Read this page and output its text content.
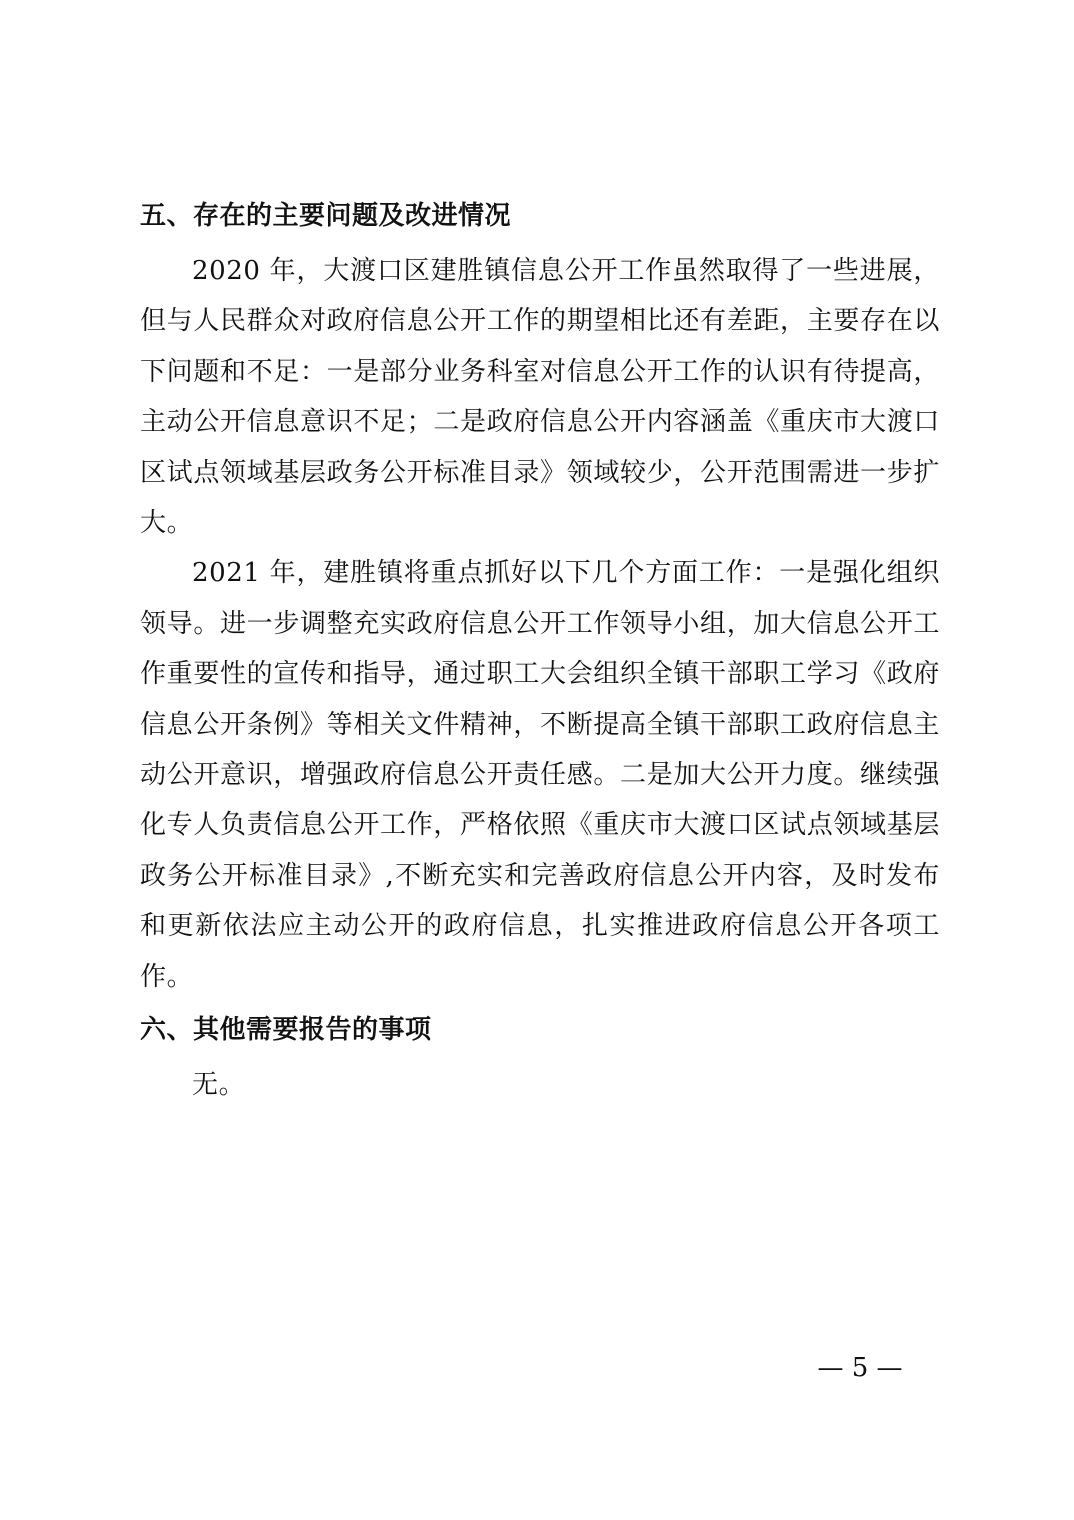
五、存在的主要问题及改进情况

2020 年，大渡口区建胜镇信息公开工作虽然取得了一些进展，但与人民群众对政府信息公开工作的期望相比还有差距，主要存在以下问题和不足：一是部分业务科室对信息公开工作的认识有待提高，主动公开信息意识不足；二是政府信息公开内容涵盖《重庆市大渡口区试点领域基层政务公开标准目录》领域较少，公开范围需进一步扩大。

2021 年，建胜镇将重点抓好以下几个方面工作：一是强化组织领导。进一步调整充实政府信息公开工作领导小组，加大信息公开工作重要性的宣传和指导，通过职工大会组织全镇干部职工学习《政府信息公开条例》等相关文件精神，不断提高全镇干部职工政府信息主动公开意识，增强政府信息公开责任感。二是加大公开力度。继续强化专人负责信息公开工作，严格依照《重庆市大渡口区试点领域基层政务公开标准目录》,不断充实和完善政府信息公开内容，及时发布和更新依法应主动公开的政府信息，扎实推进政府信息公开各项工作。

六、其他需要报告的事项

无。

— 5 —
